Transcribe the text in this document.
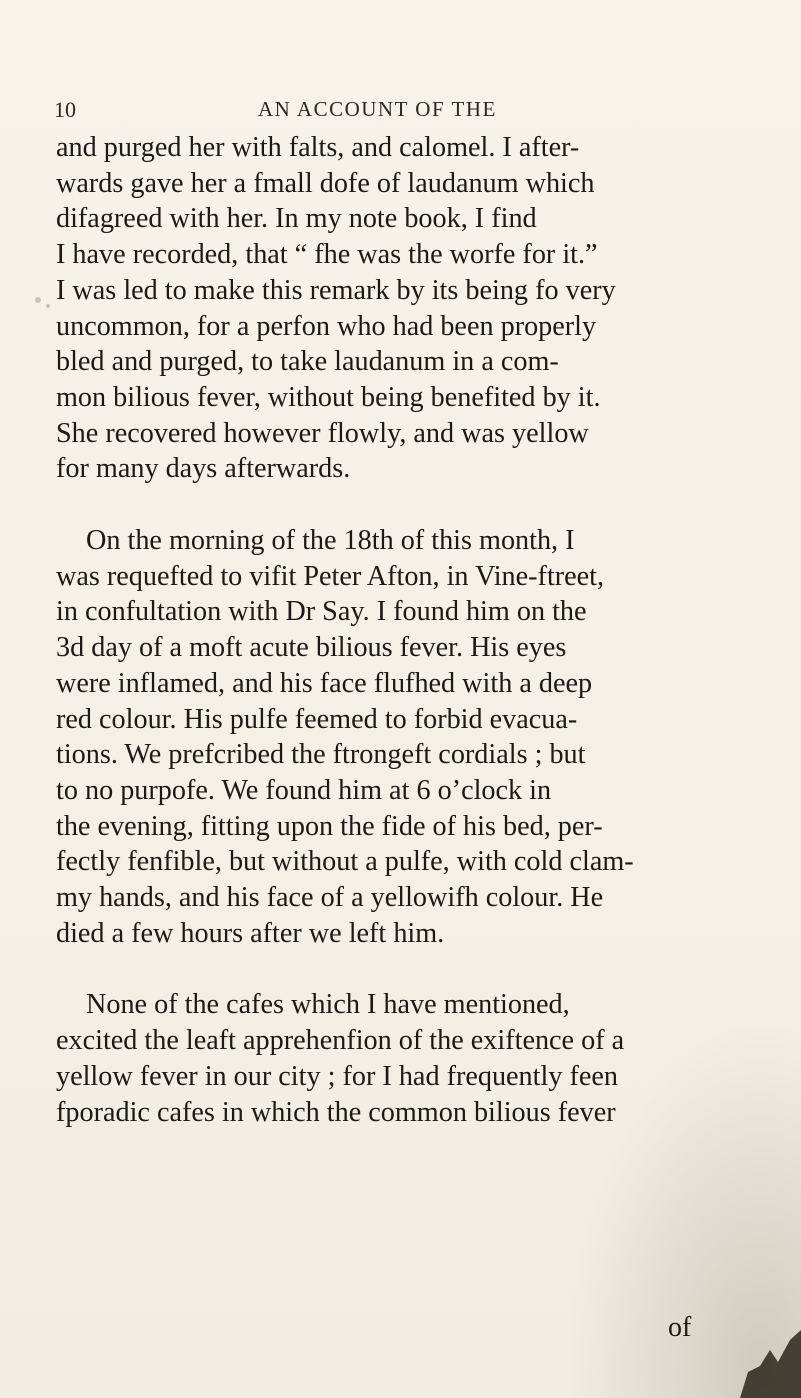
10	AN ACCOUNT OF THE

and purged her with falts, and calomel. I after-
wards gave her a fmall dofe of laudanum which
difagreed with her. In my note book, I find
I have recorded, that “ fhe was the worfe for it.”
I was led to make this remark by its being fo very
uncommon, for a perfon who had been properly
bled and purged, to take laudanum in a com-
mon bilious fever, without being benefited by it.
She recovered however flowly, and was yellow
for many days afterwards.

On the morning of the 18th of this month, I
was requefted to vifit Peter Afton, in Vine-ftreet,
in confultation with Dr Say. I found him on the
3d day of a moft acute bilious fever. His eyes
were inflamed, and his face flufhed with a deep
red colour. His pulfe feemed to forbid evacua-
tions. We prefcribed the ftrongeft cordials ; but
to no purpofe. We found him at 6 o’clock in
the evening, fitting upon the fide of his bed, per-
fectly fenfible, but without a pulfe, with cold clam-
my hands, and his face of a yellowifh colour. He
died a few hours after we left him.

None of the cafes which I have mentioned,
excited the leaft apprehenfion of the exiftence of a
yellow fever in our city ; for I had frequently feen
fporadic cafes in which the common bilious fever

of
